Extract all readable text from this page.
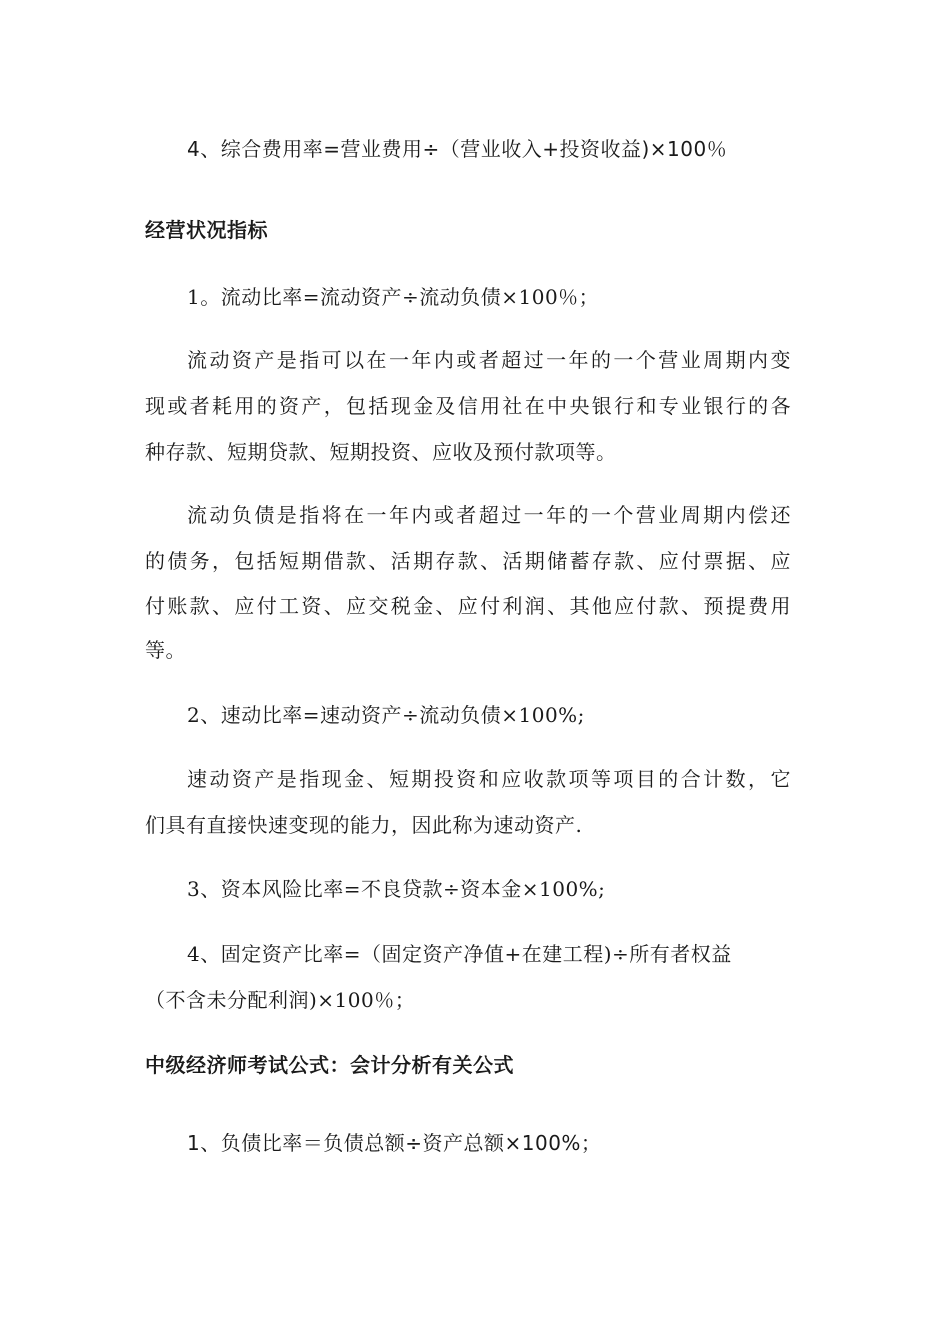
4、综合费用率=营业费用÷（营业收入+投资收益)×100％

经营状况指标

1。流动比率=流动资产÷流动负债×100％；

流动资产是指可以在一年内或者超过一年的一个营业周期内变

现或者耗用的资产，包括现金及信用社在中央银行和专业银行的各

种存款、短期贷款、短期投资、应收及预付款项等。

流动负债是指将在一年内或者超过一年的一个营业周期内偿还

的债务，包括短期借款、活期存款、活期储蓄存款、应付票据、应

付账款、应付工资、应交税金、应付利润、其他应付款、预提费用

等。

2、速动比率=速动资产÷流动负债×100%;

速动资产是指现金、短期投资和应收款项等项目的合计数，它

们具有直接快速变现的能力，因此称为速动资产.

3、资本风险比率=不良贷款÷资本金×100%;

4、固定资产比率=（固定资产净值+在建工程)÷所有者权益

（不含未分配利润)×100％；

中级经济师考试公式：会计分析有关公式

1、负债比率＝负债总额÷资产总额×100%；
